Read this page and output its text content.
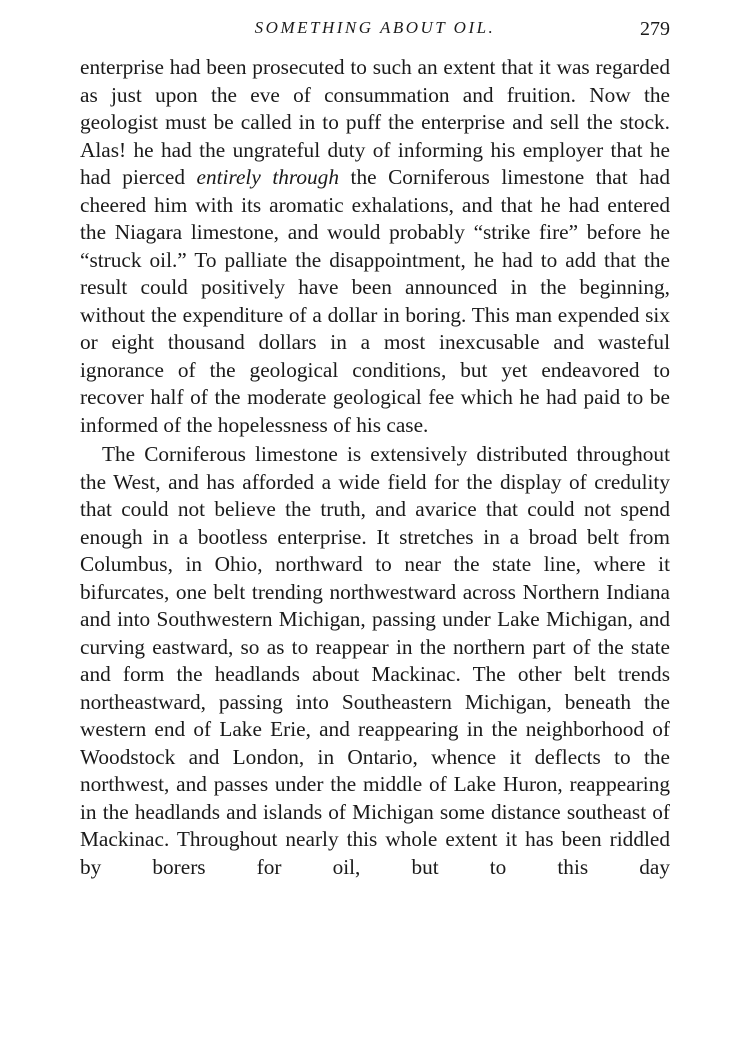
SOMETHING ABOUT OIL.	279

enterprise had been prosecuted to such an extent that it was regarded as just upon the eve of consummation and fruition. Now the geologist must be called in to puff the enterprise and sell the stock. Alas! he had the ungrateful duty of informing his employer that he had pierced entirely through the Corniferous limestone that had cheered him with its aromatic exhalations, and that he had entered the Niagara limestone, and would probably “strike fire” before he “struck oil.” To palliate the disappointment, he had to add that the result could positively have been announced in the beginning, without the expenditure of a dollar in boring. This man expended six or eight thousand dollars in a most inexcusable and wasteful ignorance of the geological conditions, but yet endeavored to recover half of the moderate geological fee which he had paid to be informed of the hopelessness of his case.

The Corniferous limestone is extensively distributed throughout the West, and has afforded a wide field for the display of credulity that could not believe the truth, and avarice that could not spend enough in a bootless enterprise. It stretches in a broad belt from Columbus, in Ohio, northward to near the state line, where it bifurcates, one belt trending northwestward across Northern Indiana and into Southwestern Michigan, passing under Lake Michigan, and curving eastward, so as to reappear in the northern part of the state and form the headlands about Mackinac. The other belt trends northeastward, passing into Southeastern Michigan, beneath the western end of Lake Erie, and reappearing in the neighborhood of Woodstock and London, in Ontario, whence it deflects to the northwest, and passes under the middle of Lake Huron, reappearing in the headlands and islands of Michigan some distance southeast of Mackinac. Throughout nearly this whole extent it has been riddled by borers for oil, but to this day
